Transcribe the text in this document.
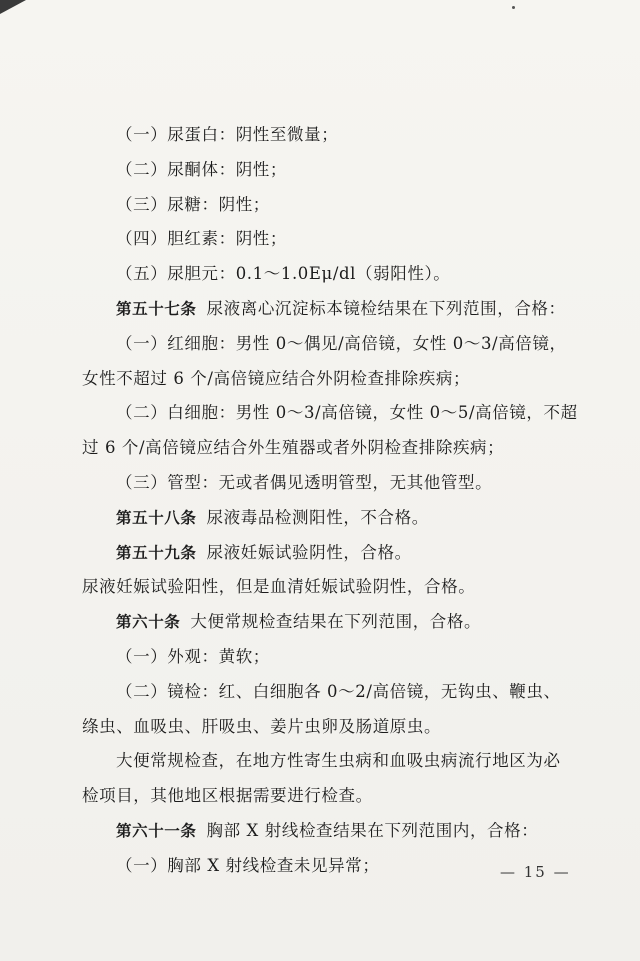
（一）尿蛋白：阴性至微量；
（二）尿酮体：阴性；
（三）尿糖：阴性；
（四）胆红素：阴性；
（五）尿胆元：0.1～1.0Eμ/dl（弱阳性）。
第五十七条 尿液离心沉淀标本镜检结果在下列范围，合格：
（一）红细胞：男性 0～偶见/高倍镜，女性 0～3/高倍镜，
女性不超过 6 个/高倍镜应结合外阴检查排除疾病；
（二）白细胞：男性 0～3/高倍镜，女性 0～5/高倍镜，不超
过 6 个/高倍镜应结合外生殖器或者外阴检查排除疾病；
（三）管型：无或者偶见透明管型，无其他管型。
第五十八条 尿液毒品检测阳性，不合格。
第五十九条 尿液妊娠试验阴性，合格。
尿液妊娠试验阳性，但是血清妊娠试验阴性，合格。
第六十条 大便常规检查结果在下列范围，合格。
（一）外观：黄软；
（二）镜检：红、白细胞各 0～2/高倍镜，无钩虫、鞭虫、
绦虫、血吸虫、肝吸虫、姜片虫卵及肠道原虫。
大便常规检查，在地方性寄生虫病和血吸虫病流行地区为必
检项目，其他地区根据需要进行检查。
第六十一条 胸部 X 射线检查结果在下列范围内，合格：
（一）胸部 X 射线检查未见异常；	— 15 —
